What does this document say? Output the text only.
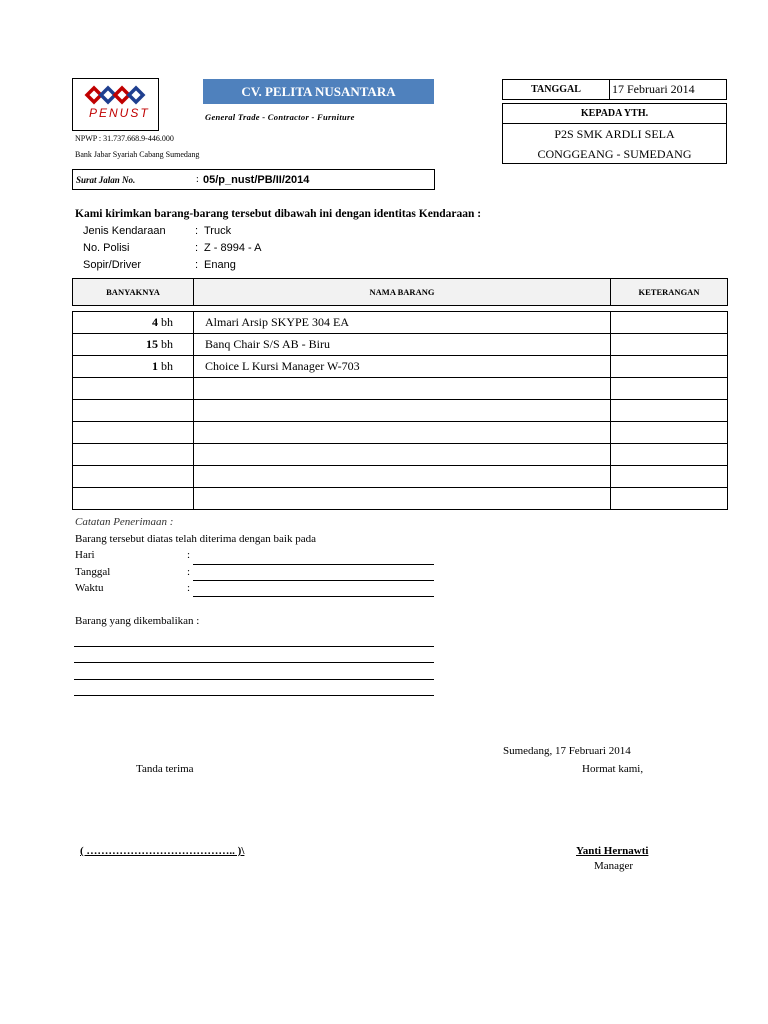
PENUST
CV. PELITA NUSANTARA
General Trade - Contractor - Furniture
NPWP : 31.737.668.9-446.000
Bank Jabar Syariah Cabang Sumedang
TANGGAL	17 Februari 2014
KEPADA YTH.
P2S SMK ARDLI SELA
CONGGEANG - SUMEDANG
Surat Jalan No.	: 05/p_nust/PB/II/2014
Kami kirimkan barang-barang tersebut dibawah ini dengan identitas Kendaraan :
Jenis Kendaraan	: Truck
No. Polisi	: Z - 8994 - A
Sopir/Driver	: Enang
BANYAKNYA	NAMA BARANG	KETERANGAN
4 bh	Almari Arsip SKYPE 304 EA	
15 bh	Banq Chair S/S AB - Biru	
1 bh	Choice L Kursi Manager W-703	

Catatan Penerimaan :
Barang tersebut diatas telah diterima dengan baik pada
Hari	:
Tanggal	:
Waktu	:
Barang yang dikembalikan :
Sumedang, 17 Februari 2014
Tanda terima	Hormat kami,
( ………………………………….. )\	Yanti Hernawti
Manager
